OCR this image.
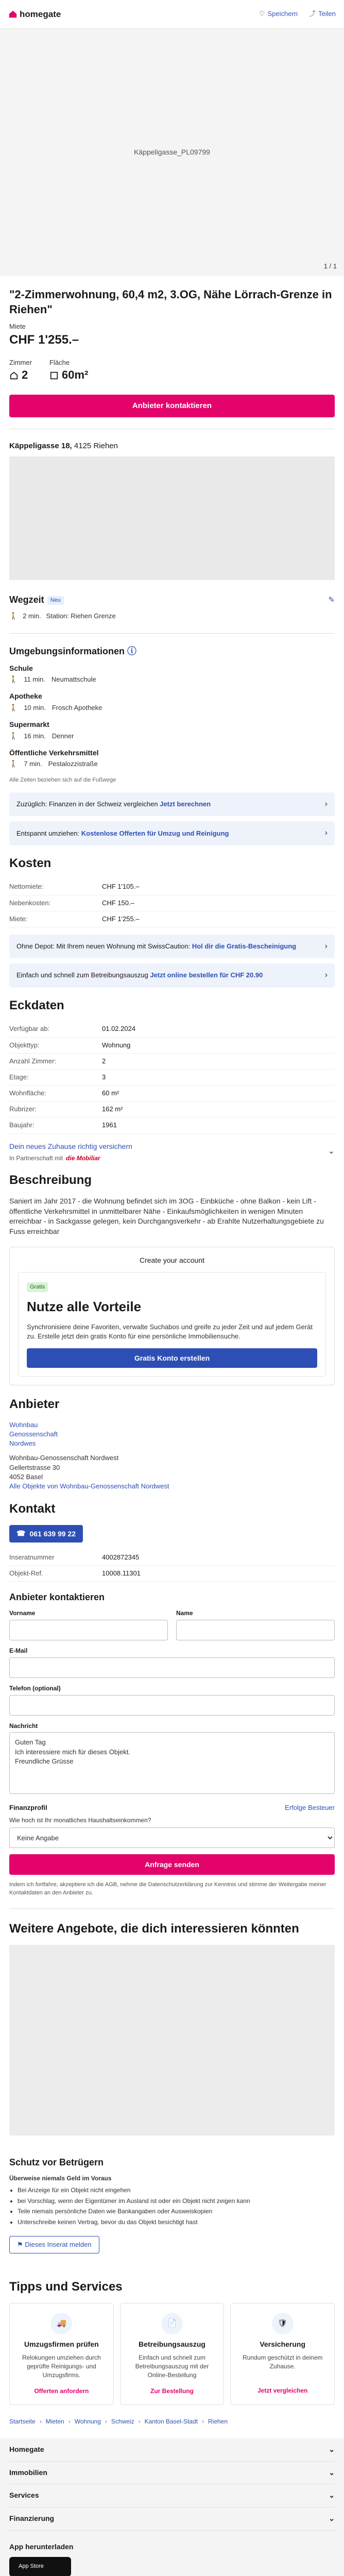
homegate	♡ Speichern ⤴ Teilen
Käppeligasse_PL09799
1 / 1
"2-Zimmerwohnung, 60,4 m2, 3.OG, Nähe Lörrach-Grenze in Riehen"
Miete
CHF 1'255.–
Zimmer
2
Fläche
60m²
Anbieter kontaktieren
Käppeligasse 18, 4125 Riehen
Wegzeit Neu	✎
🚶 2 min. Station: Riehen Grenze
Umgebungsinformationen ⓘ
Schule
🚶 11 min. Neumattschule
Apotheke
🚶 10 min. Frosch Apotheke
Supermarkt
🚶 16 min. Denner
Öffentliche Verkehrsmittel
🚶 7 min. Pestalozzistraße
Alle Zeiten beziehen sich auf die Fußwege
Zuzüglich: Finanzen in der Schweiz vergleichen Jetzt berechnen	›
Entspannt umziehen: Kostenlose Offerten für Umzug und Reinigung	›
Kosten
Nettomiete:	CHF 1'105.–
Nebenkosten:	CHF 150.–
Miete:	CHF 1'255.–
Ohne Depot: Mit Ihrem neuen Wohnung mit SwissCaution: Hol dir die Gratis-Bescheinigung	›
Einfach und schnell zum Betreibungsauszug Jetzt online bestellen für CHF 20.90	›
Eckdaten
Verfügbar ab:	01.02.2024
Objekttyp:	Wohnung
Anzahl Zimmer:	2
Etage:	3
Wohnfläche:	60 m²
Rubrizer:	162 m²
Baujahr:	1961
Dein neues Zuhause richtig versichern
In Partnerschaft mit die Mobiliar
⌄
Beschreibung

Saniert im Jahr 2017 - die Wohnung befindet sich im 3OG - Einbküche - ohne Balkon - kein Lift - öffentliche Verkehrsmittel in unmittelbarer Nähe - Einkaufsmöglichkeiten in wenigen Minuten erreichbar - in Sackgasse gelegen, kein Durchgangsverkehr - ab Erahlte Nutzerhaltungsgebiete zu Fuss erreichbar

Create your account
Gratis
Nutze alle Vorteile

Synchronisiere deine Favoriten, verwalte Suchabos und greife zu jeder Zeit und auf jedem Gerät zu. Erstelle jetzt dein gratis Konto für eine persönliche Immobiliensuche.

Gratis Konto erstellen
Anbieter

Wohnbau

Genossenschaft

Nordwes

Wohnbau-Genossenschaft Nordwest

Gellertstrasse 30

4052 Basel

Alle Objekte von Wohnbau-Genossenschaft Nordwest

Kontakt
☎ 061 639 99 22
Inseratnummer	4002872345
Objekt-Ref.	10008.11301
Anbieter kontaktieren
Vorname	Name
E-Mail
Telefon (optional)
Nachricht
Guten Tag Ich interessiere mich für dieses Objekt. Freundliche Grüsse
Finanzprofil	Erfolge Besteuer
Wie hoch ist Ihr monatliches Haushaltseinkommen?
Keine Angabe
Anfrage senden

Indem ich fortfahre, akzeptiere ich die AGB, nehme die Datenschutzerklärung zur Kenntnis und stimme der Weitergabe meiner Kontaktdaten an den Anbieter zu.

Weitere Angebote, die dich interessieren könnten
Schutz vor Betrügern
Überweise niemals Geld im Voraus
• Bei Anzeige für ein Objekt nicht eingehen
• bei Vorschlag, wenn der Eigentümer im Ausland ist oder ein Objekt nicht zeigen kann
• Teile niemals persönliche Daten wie Bankangaben oder Ausweiskopien
• Unterschreibe keinen Vertrag, bevor du das Objekt besichtigt hast
⚑ Dieses Inserat melden
Tipps und Services
🚚
Umzugsfirmen prüfen
Relokungen umziehen durch geprüfte Reinigungs- und Umzugsfirms.
Offerten anfordern
📄
Betreibungsauszug
Einfach und schnell zum Betreibungsauszug mit der Online-Bestellung
Zur Bestellung
🛡
Versicherung
Rundum geschützt in deinem Zuhause.
Jetzt vergleichen
Startseite › Mieten › Wohnung › Schweiz › Kanton Basel-Stadt › Riehen
Homegate	⌄
Immobilien	⌄
Services	⌄
Finanzierung	⌄
App herunterladen
App Store
